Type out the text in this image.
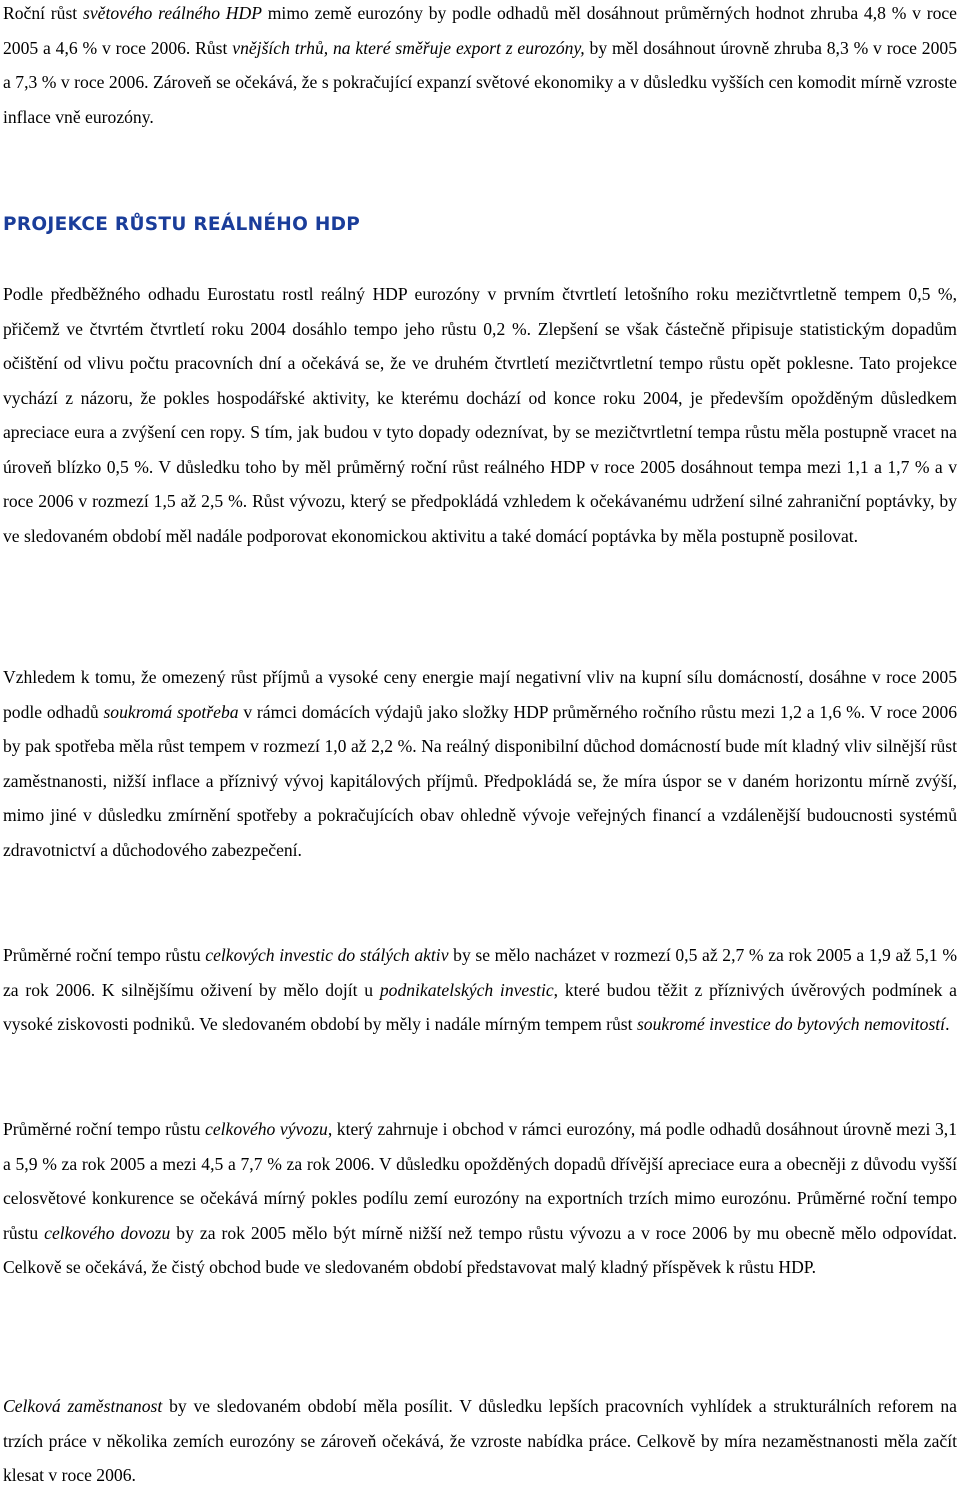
Roční růst světového reálného HDP mimo země eurozóny by podle odhadů měl dosáhnout průměrných hodnot zhruba 4,8 % v roce 2005 a 4,6 % v roce 2006. Růst vnějších trhů, na které směřuje export z eurozóny, by měl dosáhnout úrovně zhruba 8,3 % v roce 2005 a 7,3 % v roce 2006. Zároveň se očekává, že s pokračující expanzí světové ekonomiky a v důsledku vyšších cen komodit mírně vzroste inflace vně eurozóny.

PROJEKCE RŮSTU REÁLNÉHO HDP

Podle předběžného odhadu Eurostatu rostl reálný HDP eurozóny v prvním čtvrtletí letošního roku mezičtvrtletně tempem 0,5 %, přičemž ve čtvrtém čtvrtletí roku 2004 dosáhlo tempo jeho růstu 0,2 %. Zlepšení se však částečně připisuje statistickým dopadům očištění od vlivu počtu pracovních dní a očekává se, že ve druhém čtvrtletí mezičtvrtletní tempo růstu opět poklesne. Tato projekce vychází z názoru, že pokles hospodářské aktivity, ke kterému dochází od konce roku 2004, je především opožděným důsledkem apreciace eura a zvýšení cen ropy. S tím, jak budou v tyto dopady odeznívat, by se mezičtvrtletní tempa růstu měla postupně vracet na úroveň blízko 0,5 %. V důsledku toho by měl průměrný roční růst reálného HDP v roce 2005 dosáhnout tempa mezi 1,1 a 1,7 % a v roce 2006 v rozmezí 1,5 až 2,5 %. Růst vývozu, který se předpokládá vzhledem k očekávanému udržení silné zahraniční poptávky, by ve sledovaném období měl nadále podporovat ekonomickou aktivitu a také domácí poptávka by měla postupně posilovat.

Vzhledem k tomu, že omezený růst příjmů a vysoké ceny energie mají negativní vliv na kupní sílu domácností, dosáhne v roce 2005 podle odhadů soukromá spotřeba v rámci domácích výdajů jako složky HDP průměrného ročního růstu mezi 1,2 a 1,6 %. V roce 2006 by pak spotřeba měla růst tempem v rozmezí 1,0 až 2,2 %. Na reálný disponibilní důchod domácností bude mít kladný vliv silnější růst zaměstnanosti, nižší inflace a příznivý vývoj kapitálových příjmů. Předpokládá se, že míra úspor se v daném horizontu mírně zvýší, mimo jiné v důsledku zmírnění spotřeby a pokračujících obav ohledně vývoje veřejných financí a vzdálenější budoucnosti systémů zdravotnictví a důchodového zabezpečení.

Průměrné roční tempo růstu celkových investic do stálých aktiv by se mělo nacházet v rozmezí 0,5 až 2,7 % za rok 2005 a 1,9 až 5,1 % za rok 2006. K silnějšímu oživení by mělo dojít u podnikatelských investic, které budou těžit z příznivých úvěrových podmínek a vysoké ziskovosti podniků. Ve sledovaném období by měly i nadále mírným tempem růst soukromé investice do bytových nemovitostí.

Průměrné roční tempo růstu celkového vývozu, který zahrnuje i obchod v rámci eurozóny, má podle odhadů dosáhnout úrovně mezi 3,1 a 5,9 % za rok 2005 a mezi 4,5 a 7,7 % za rok 2006. V důsledku opožděných dopadů dřívější apreciace eura a obecněji z důvodu vyšší celosvětové konkurence se očekává mírný pokles podílu zemí eurozóny na exportních trzích mimo eurozónu. Průměrné roční tempo růstu celkového dovozu by za rok 2005 mělo být mírně nižší než tempo růstu vývozu a v roce 2006 by mu obecně mělo odpovídat. Celkově se očekává, že čistý obchod bude ve sledovaném období představovat malý kladný příspěvek k růstu HDP.

Celková zaměstnanost by ve sledovaném období měla posílit. V důsledku lepších pracovních vyhlídek a strukturálních reforem na trzích práce v několika zemích eurozóny se zároveň očekává, že vzroste nabídka práce. Celkově by míra nezaměstnanosti měla začít klesat v roce 2006.
